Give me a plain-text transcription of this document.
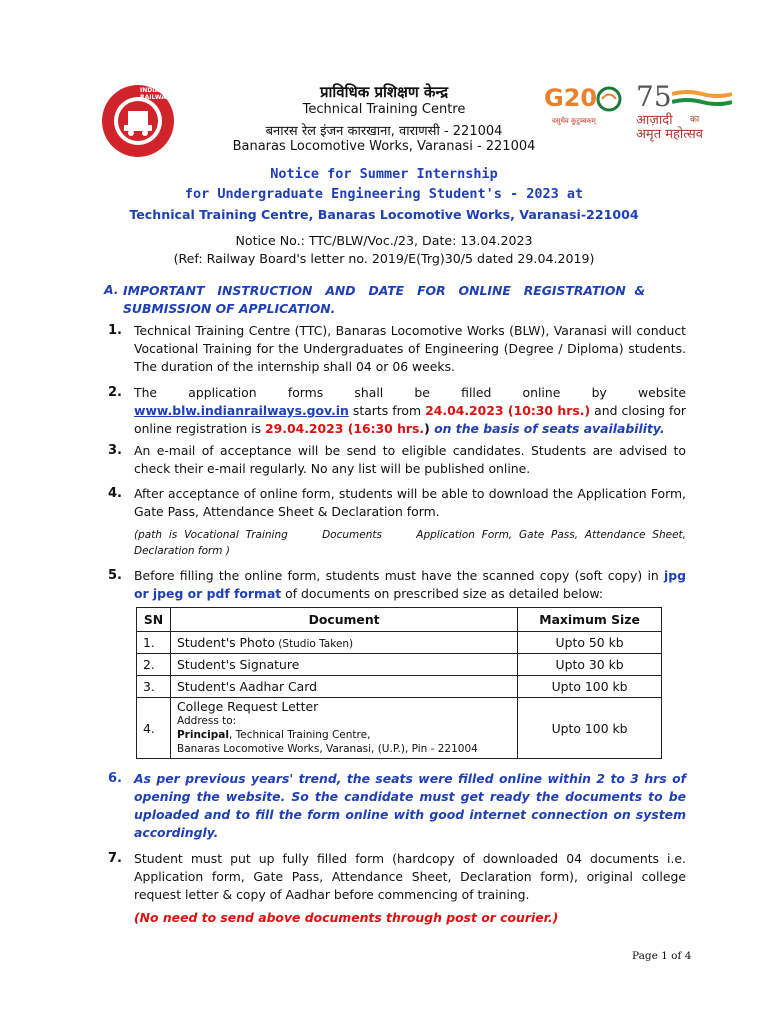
INDIAN RAILWAYS	G20
वसुधैव कुटुम्बकम्
75
आज़ादी का
अमृत महोत्सव
प्राविधिक प्रशिक्षण केन्द्र
Technical Training Centre
बनारस रेल इंजन कारखाना, वाराणसी - 221004
Banaras Locomotive Works, Varanasi - 221004
Notice for Summer Internship
for Undergraduate Engineering Student's - 2023 at
Technical Training Centre, Banaras Locomotive Works, Varanasi-221004
Notice No.: TTC/BLW/Voc./23, Date: 13.04.2023
(Ref: Railway Board's letter no. 2019/E(Trg)30/5 dated 29.04.2019)
A. IMPORTANT   INSTRUCTION   AND   DATE   FOR   ONLINE   REGISTRATION  &
SUBMISSION OF APPLICATION.
1. Technical Training Centre (TTC), Banaras Locomotive Works (BLW), Varanasi will conduct Vocational Training for the Undergraduates of Engineering (Degree / Diploma) students. The duration of the internship shall 04 or 06 weeks.
2. The application forms shall be filled online by website www.blw.indianrailways.gov.in starts from 24.04.2023 (10:30 hrs.) and closing for online registration is 29.04.2023 (16:30 hrs.) on the basis of seats availability.
3. An e-mail of acceptance will be send to eligible candidates. Students are advised to check their e-mail regularly. No any list will be published online.
4. After acceptance of online form, students will be able to download the Application Form, Gate Pass, Attendance Sheet & Declaration form.
(path is Vocational Training     Documents     Application Form, Gate Pass, Attendance Sheet, Declaration form )
5. Before filling the online form, students must have the scanned copy (soft copy) in jpg or jpeg or pdf format of documents on prescribed size as detailed below:
SN	Document	Maximum Size
1.	Student's Photo (Studio Taken)	Upto 50 kb
2.	Student's Signature	Upto 30 kb
3.	Student's Aadhar Card	Upto 100 kb
4.	College Request Letter
Address to:
Principal, Technical Training Centre,
Banaras Locomotive Works, Varanasi, (U.P.), Pin - 221004	Upto 100 kb
6. As per previous years' trend, the seats were filled online within 2 to 3 hrs of opening the website. So the candidate must get ready the documents to be uploaded and to fill the form online with good internet connection on system accordingly.
7. Student must put up fully filled form (hardcopy of downloaded 04 documents i.e. Application form, Gate Pass, Attendance Sheet, Declaration form), original college request letter & copy of Aadhar before commencing of training.
(No need to send above documents through post or courier.)
Page 1 of 4
